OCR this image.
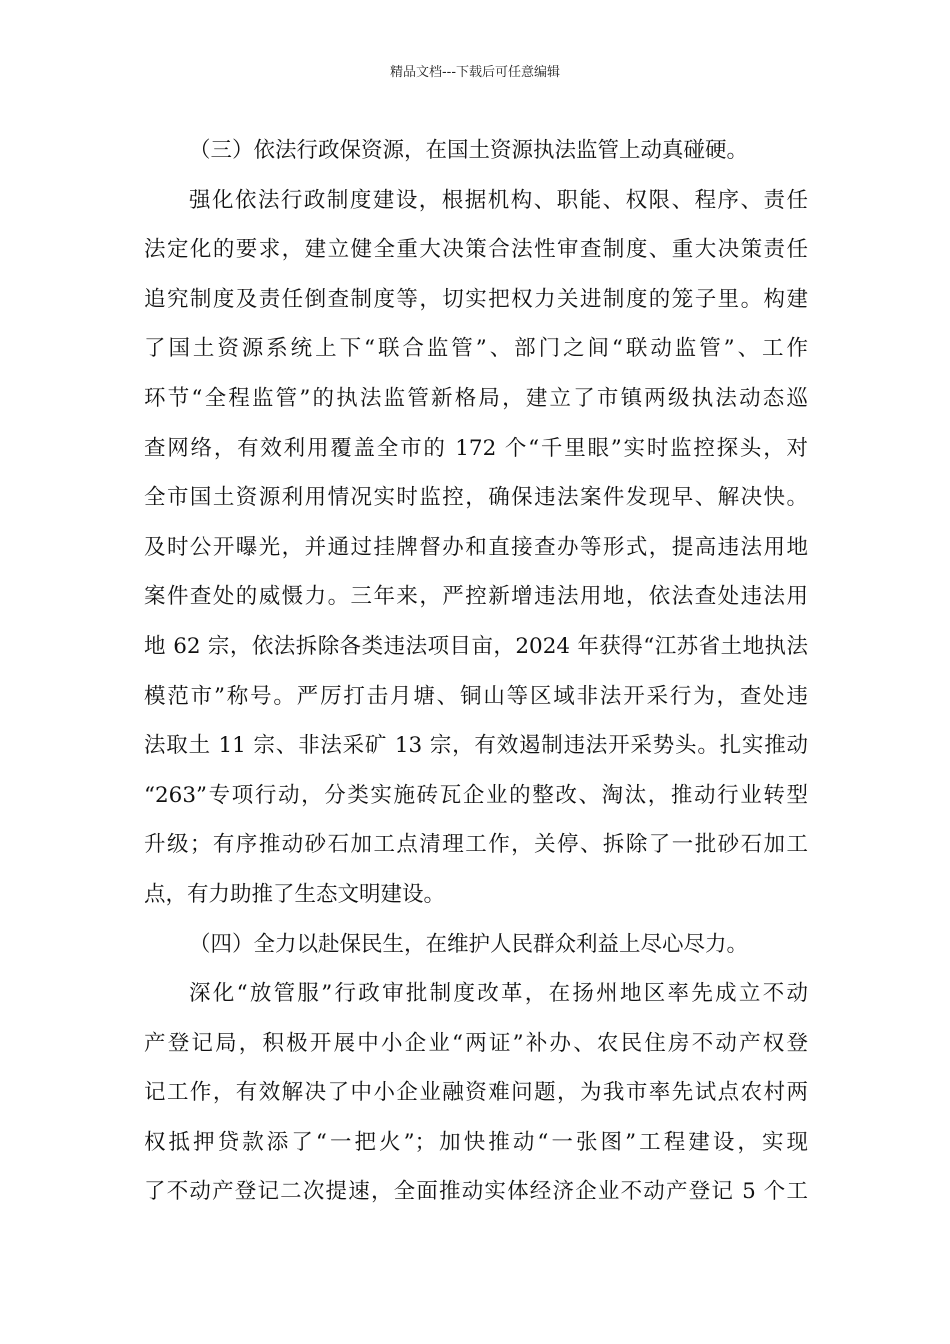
精品文档---下载后可任意编辑
（三）依法行政保资源，在国土资源执法监管上动真碰硬。
强化依法行政制度建设，根据机构、职能、权限、程序、责任
法定化的要求，建立健全重大决策合法性审查制度、重大决策责任
追究制度及责任倒查制度等，切实把权力关进制度的笼子里。构建
了国土资源系统上下“联合监管”、部门之间“联动监管”、工作
环节“全程监管”的执法监管新格局，建立了市镇两级执法动态巡
查网络，有效利用覆盖全市的 172 个“千里眼”实时监控探头，对
全市国土资源利用情况实时监控，确保违法案件发现早、解决快。
及时公开曝光，并通过挂牌督办和直接查办等形式，提高违法用地
案件查处的威慑力。三年来，严控新增违法用地，依法查处违法用
地 62 宗，依法拆除各类违法项目亩，2024 年获得“江苏省土地执法
模范市”称号。严厉打击月塘、铜山等区域非法开采行为，查处违
法取土 11 宗、非法采矿 13 宗，有效遏制违法开采势头。扎实推动
“263”专项行动，分类实施砖瓦企业的整改、淘汰，推动行业转型
升级；有序推动砂石加工点清理工作，关停、拆除了一批砂石加工
点，有力助推了生态文明建设。
（四）全力以赴保民生，在维护人民群众利益上尽心尽力。
深化“放管服”行政审批制度改革，在扬州地区率先成立不动
产登记局，积极开展中小企业“两证”补办、农民住房不动产权登
记工作，有效解决了中小企业融资难问题，为我市率先试点农村两
权抵押贷款添了“一把火”；加快推动“一张图”工程建设，实现
了不动产登记二次提速，全面推动实体经济企业不动产登记 5 个工
